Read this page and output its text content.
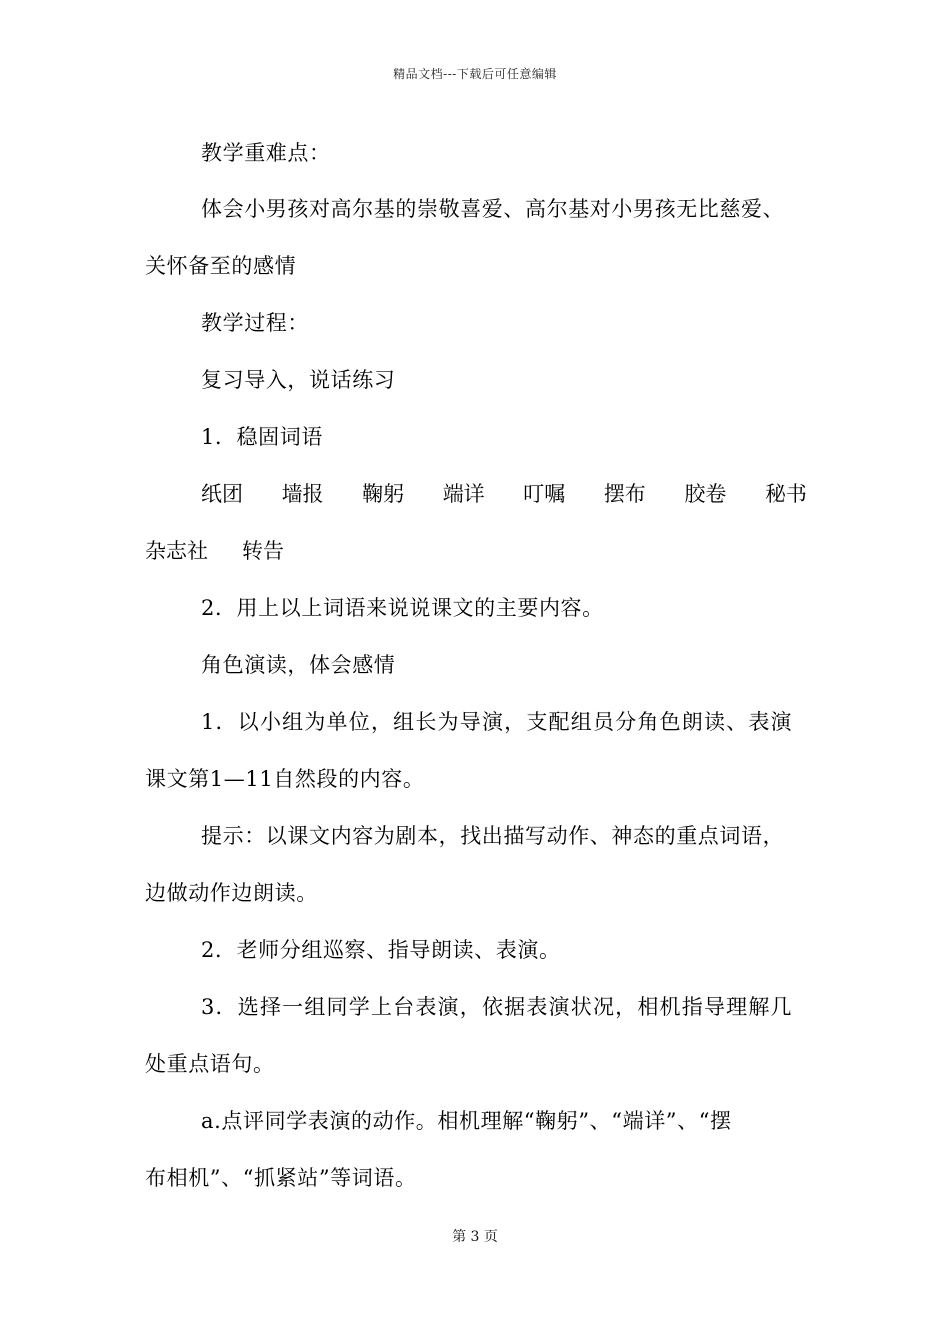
精品文档---下载后可任意编辑
教学重难点：
体会小男孩对高尔基的崇敬喜爱、高尔基对小男孩无比慈爱、
关怀备至的感情
教学过程：
复习导入，说话练习
1．稳固词语
纸团 墙报 鞠躬 端详 叮嘱 摆布 胶卷 秘书
杂志社 转告
2．用上以上词语来说说课文的主要内容。
角色演读，体会感情
1．以小组为单位，组长为导演，支配组员分角色朗读、表演
课文第1—11自然段的内容。
提示：以课文内容为剧本，找出描写动作、神态的重点词语，
边做动作边朗读。
2．老师分组巡察、指导朗读、表演。
3．选择一组同学上台表演，依据表演状况，相机指导理解几
处重点语句。
a.点评同学表演的动作。相机理解“鞠躬”、“端详”、“摆
布相机”、“抓紧站”等词语。
第 3 页
